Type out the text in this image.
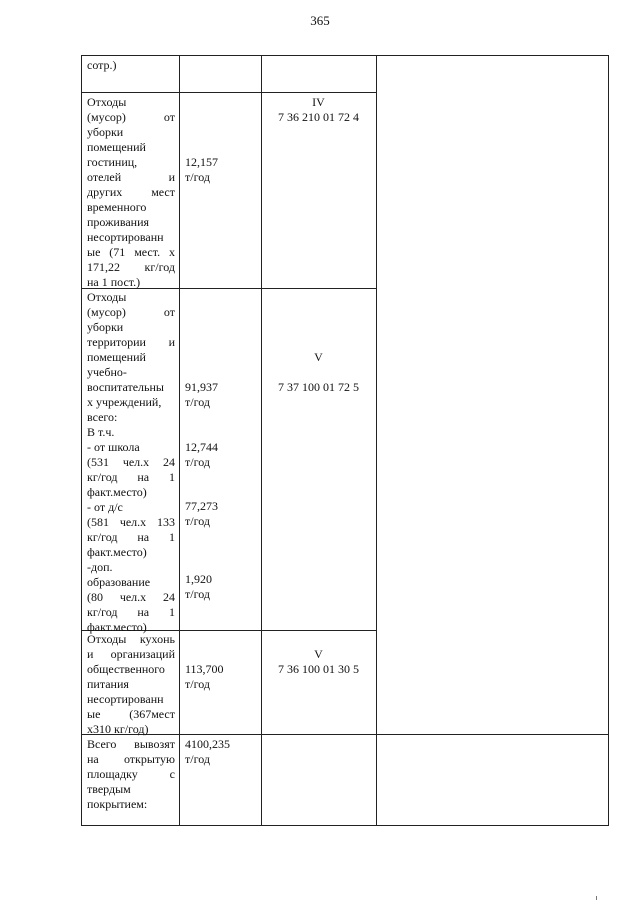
365
сотр.)
Отходы
(мусор) от
уборки
помещений
гостиниц,
отелей и
других мест
временного
проживания
несортированн
ые (71 мест. х
171,22 кг/год
на 1 пост.)
12,157
т/год
IV
7 36 210 01 72 4
Отходы
(мусор) от
уборки
территории и
помещений
учебно-
воспитательны
х учреждений,
всего:
В т.ч.
- от школа
(531 чел.х 24
кг/год на 1
факт.место)
- от д/с
(581 чел.х 133
кг/год на 1
факт.место)
-доп.
образование
(80 чел.х 24
кг/год на 1
факт.место)
91,937
т/год
12,744
т/год
77,273
т/год
1,920
т/год
V
7 37 100 01 72 5
Отходы кухонь
и организаций
общественного
питания
несортированн
ые (367мест
х310 кг/год)
113,700
т/год
V
7 36 100 01 30 5
Всего вывозят
на открытую
площадку с
твердым
покрытием:
4100,235
т/год
